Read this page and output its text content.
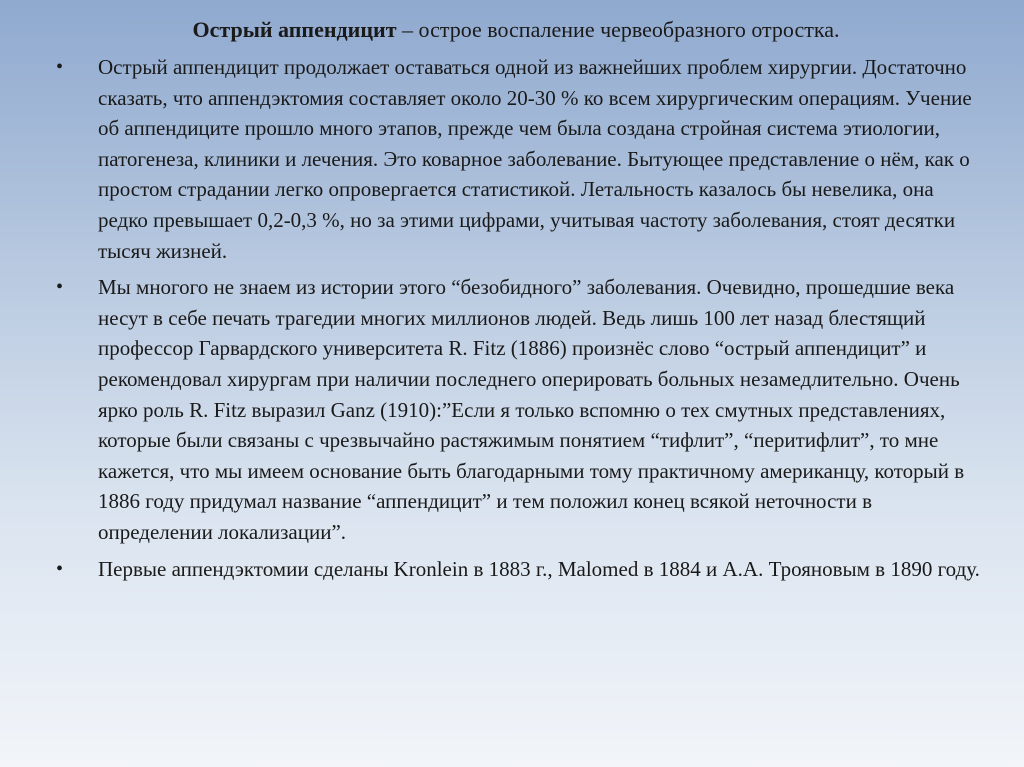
Острый аппендицит – острое воспаление червеобразного отростка.
• Острый аппендицит продолжает оставаться одной из важнейших проблем хирургии. Достаточно сказать, что аппендэктомия составляет около 20-30 % ко всем хирургическим операциям. Учение об аппендиците прошло много этапов, прежде чем была создана стройная система этиологии, патогенеза, клиники и лечения. Это коварное заболевание. Бытующее представление о нём, как о простом страдании легко опровергается статистикой. Летальность казалось бы невелика, она редко превышает 0,2-0,3 %, но за этими цифрами, учитывая частоту заболевания, стоят десятки тысяч жизней.
• Мы многого не знаем из истории этого “безобидного” заболевания. Очевидно, прошедшие века несут в себе печать трагедии многих миллионов людей. Ведь лишь 100 лет назад блестящий профессор Гарвардского университета R. Fitz (1886) произнёс слово “острый аппендицит” и рекомендовал хирургам при наличии последнего оперировать больных незамедлительно. Очень ярко роль R. Fitz выразил Ganz (1910):”Если я только вспомню о тех смутных представлениях, которые были связаны с чрезвычайно растяжимым понятием “тифлит”, “перитифлит”, то мне кажется, что мы имеем основание быть благодарными тому практичному американцу, который в 1886 году придумал название “аппендицит” и тем положил конец всякой неточности в определении локализации”.
• Первые аппендэктомии сделаны Kronlein в 1883 г., Malomed в 1884 и А.А. Трояновым в 1890 году.
